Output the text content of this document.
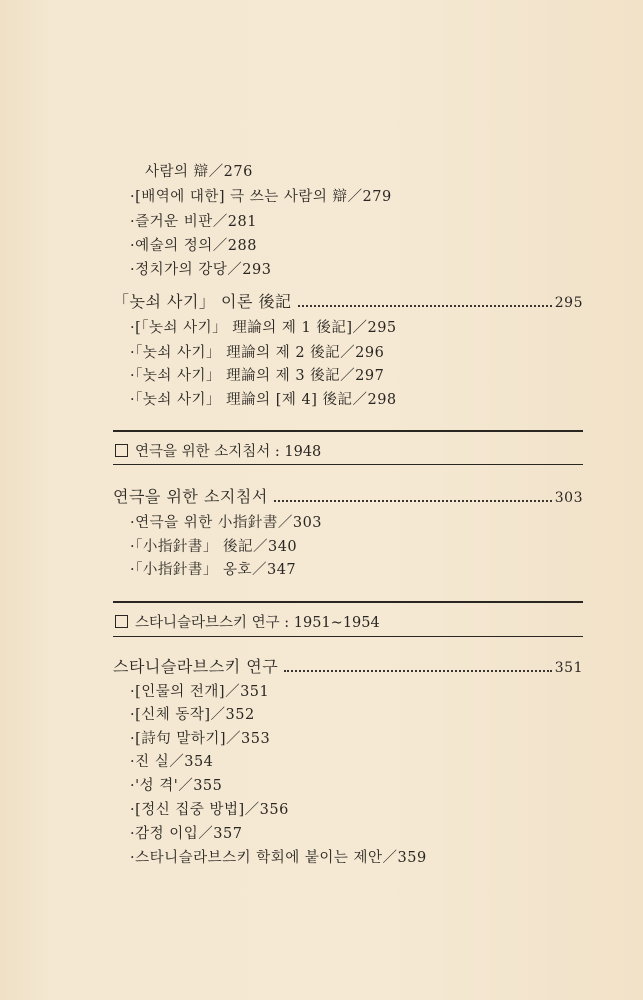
사람의 辯／276
·[배역에 대한] 극 쓰는 사람의 辯／279
·즐거운 비판／281
·예술의 정의／288
·정치가의 강당／293
「놋쇠 사기」 이론 後記	295
·[「놋쇠 사기」 理論의 제 1 後記]／295
·「놋쇠 사기」 理論의 제 2 後記／296
·「놋쇠 사기」 理論의 제 3 後記／297
·「놋쇠 사기」 理論의 [제 4] 後記／298
연극을 위한 소지침서 : 1948
연극을 위한 소지침서	303
·연극을 위한 小指針書／303
·「小指針書」 後記／340
·「小指針書」 옹호／347
스타니슬라브스키 연구 : 1951∼1954
스타니슬라브스키 연구	351
·[인물의 전개]／351
·[신체 동작]／352
·[詩句 말하기]／353
·진 실／354
·'성 격'／355
·[정신 집중 방법]／356
·감정 이입／357
·스타니슬라브스키 학회에 붙이는 제안／359
